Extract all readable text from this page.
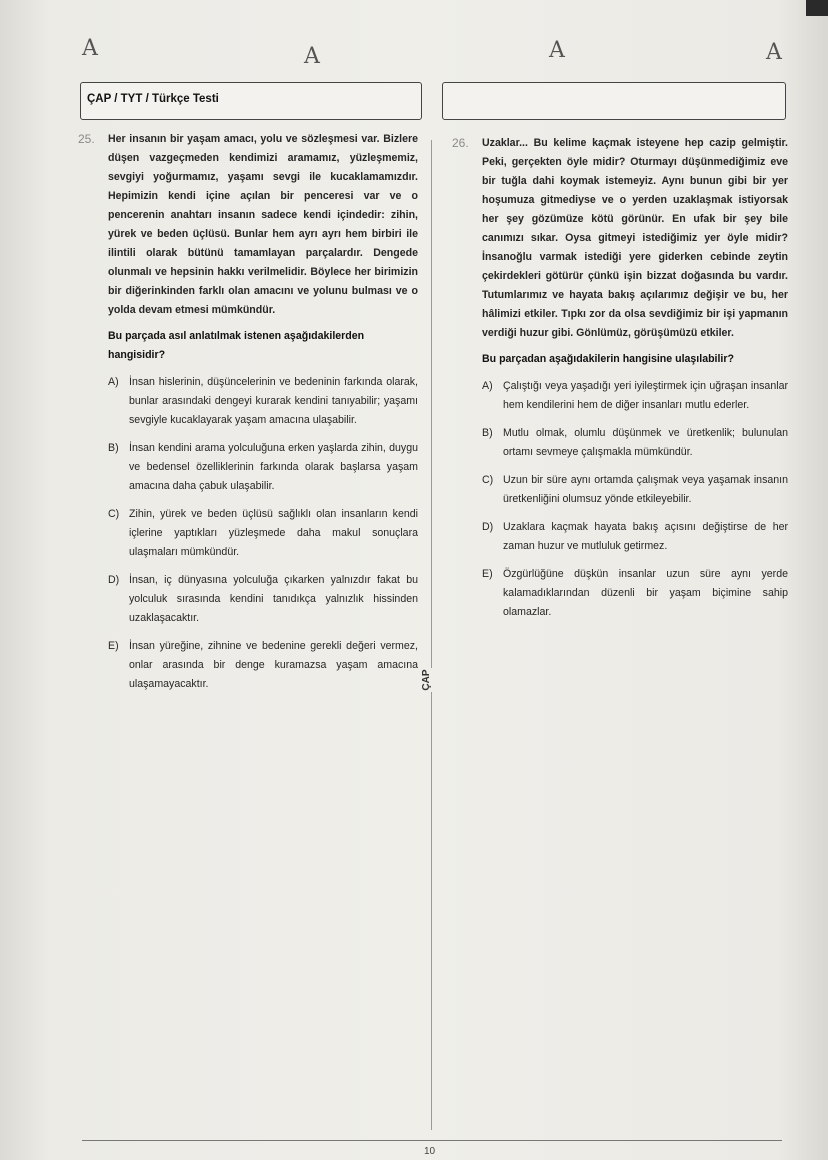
A	A	A	A
ÇAP / TYT / Türkçe Testi
ÇAP
25. Her insanın bir yaşam amacı, yolu ve sözleşmesi var. Bizlere düşen vazgeçmeden kendimizi aramamız, yüzleşmemiz, sevgiyi yoğurmamız, yaşamı sevgi ile kucaklamamızdır. Hepimizin kendi içine açılan bir penceresi var ve o pencerenin anahtarı insanın sadece kendi içindedir: zihin, yürek ve beden üçlüsü. Bunlar hem ayrı ayrı hem birbiri ile ilintili olarak bütünü tamamlayan parçalardır. Dengede olunmalı ve hepsinin hakkı verilmelidir. Böylece her birimizin bir diğerinkinden farklı olan amacını ve yolunu bulması ve o yolda devam etmesi mümkündür.
Bu parçada asıl anlatılmak istenen aşağıdakilerden hangisidir?
A) İnsan hislerinin, düşüncelerinin ve bedeninin farkında olarak, bunlar arasındaki dengeyi kurarak kendini tanıyabilir; yaşamı sevgiyle kucaklayarak yaşam amacına ulaşabilir.
B) İnsan kendini arama yolculuğuna erken yaşlarda zihin, duygu ve bedensel özelliklerinin farkında olarak başlarsa yaşam amacına daha çabuk ulaşabilir.
C) Zihin, yürek ve beden üçlüsü sağlıklı olan insanların kendi içlerine yaptıkları yüzleşmede daha makul sonuçlara ulaşmaları mümkündür.
D) İnsan, iç dünyasına yolculuğa çıkarken yalnızdır fakat bu yolculuk sırasında kendini tanıdıkça yalnızlık hissinden uzaklaşacaktır.
E) İnsan yüreğine, zihnine ve bedenine gerekli değeri vermez, onlar arasında bir denge kuramazsa yaşam amacına ulaşamayacaktır.
26. Uzaklar... Bu kelime kaçmak isteyene hep cazip gelmiştir. Peki, gerçekten öyle midir? Oturmayı düşünmediğimiz eve bir tuğla dahi koymak istemeyiz. Aynı bunun gibi bir yer hoşumuza gitmediyse ve o yerden uzaklaşmak istiyorsak her şey gözümüze kötü görünür. En ufak bir şey bile canımızı sıkar. Oysa gitmeyi istediğimiz yer öyle midir? İnsanoğlu varmak istediği yere giderken cebinde zeytin çekirdekleri götürür çünkü işin bizzat doğasında bu vardır. Tutumlarımız ve hayata bakış açılarımız değişir ve bu, her hâlimizi etkiler. Tıpkı zor da olsa sevdiğimiz bir işi yapmanın verdiği huzur gibi. Gönlümüz, görüşümüzü etkiler.
Bu parçadan aşağıdakilerin hangisine ulaşılabilir?
A) Çalıştığı veya yaşadığı yeri iyileştirmek için uğraşan insanlar hem kendilerini hem de diğer insanları mutlu ederler.
B) Mutlu olmak, olumlu düşünmek ve üretkenlik; bulunulan ortamı sevmeye çalışmakla mümkündür.
C) Uzun bir süre aynı ortamda çalışmak veya yaşamak insanın üretkenliğini olumsuz yönde etkileyebilir.
D) Uzaklara kaçmak hayata bakış açısını değiştirse de her zaman huzur ve mutluluk getirmez.
E) Özgürlüğüne düşkün insanlar uzun süre aynı yerde kalamadıklarından düzenli bir yaşam biçimine sahip olamazlar.
10
